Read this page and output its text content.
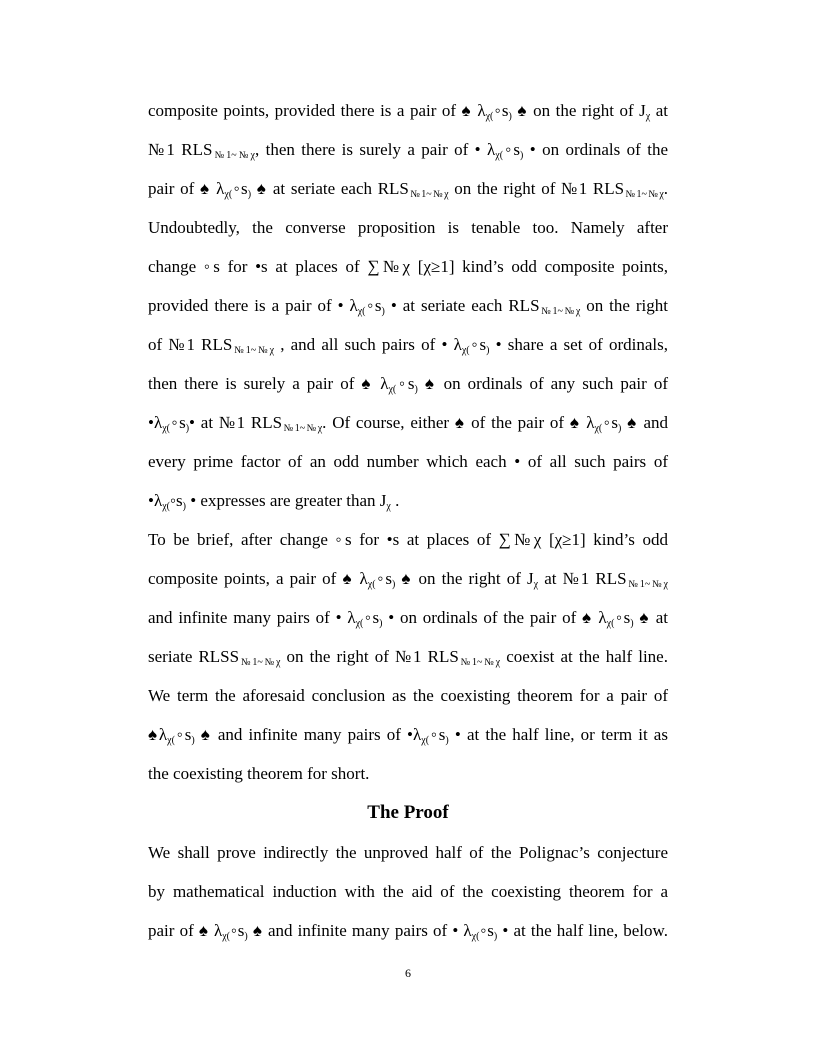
composite points, provided there is a pair of ♠ $\lambda_{\chi(}◦s_)$ ♠ on the right of $J_\chi$ at
№1 $RLS_{№1\sim№\chi}$, then there is surely a pair of • $\lambda_{\chi(}◦s_)$ • on ordinals of the
pair of ♠ $\lambda_{\chi(}◦s_)$ ♠ at seriate each $RLS_{№1\sim№\chi}$ on the right of №1 $RLS_{№1\sim№\chi}$.
Undoubtedly, the converse proposition is tenable too. Namely after
change ◦s for •s at places of ∑№χ [χ≥1] kind’s odd composite points,
provided there is a pair of • $\lambda_{\chi(}◦s_)$ • at seriate each $RLS_{№1\sim№\chi}$ on the right
of №1 $RLS_{№1\sim№\chi}$ , and all such pairs of • $\lambda_{\chi(}◦s_)$ • share a set of ordinals,
then there is surely a pair of ♠ $\lambda_{\chi(}◦s_)$ ♠ on ordinals of any such pair of
$•\lambda_{\chi(}◦s_)•$ at №1 $RLS_{№1\sim№\chi}$. Of course, either ♠ of the pair of ♠ $\lambda_{\chi(}◦s_)$ ♠ and
every prime factor of an odd number which each • of all such pairs of
$•\lambda_{\chi(}◦s_)$ • expresses are greater than $J_\chi$ .
To be brief, after change ◦s for •s at places of ∑№χ [χ≥1] kind’s odd
composite points, a pair of ♠ $\lambda_{\chi(}◦s_)$ ♠ on the right of $J_\chi$ at №1 $RLS_{№1\sim№\chi}$
and infinite many pairs of • $\lambda_{\chi(}◦s_)$ • on ordinals of the pair of ♠ $\lambda_{\chi(}◦s_)$ ♠ at
seriate $RLSS_{№1\sim№\chi}$ on the right of №1 $RLS_{№1\sim№\chi}$ coexist at the half line.
We term the aforesaid conclusion as the coexisting theorem for a pair of
$♠\lambda_{\chi(}◦s_)$ ♠ and infinite many pairs of $•\lambda_{\chi(}◦s_)$ • at the half line, or term it as
the coexisting theorem for short.
The Proof
We shall prove indirectly the unproved half of the Polignac’s conjecture
by mathematical induction with the aid of the coexisting theorem for a
pair of ♠ $\lambda_{\chi(}◦s_)$ ♠ and infinite many pairs of • $\lambda_{\chi(}◦s_)$ • at the half line, below.
6
